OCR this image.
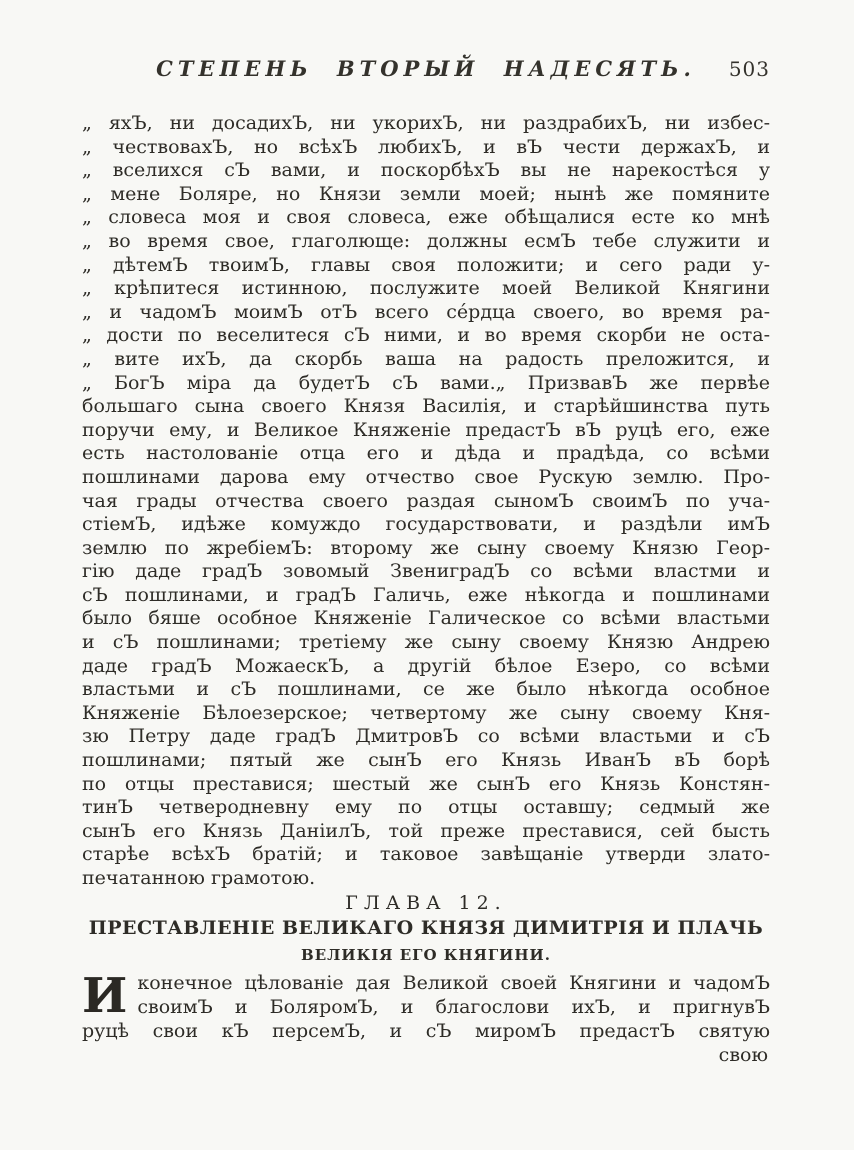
СТЕПЕНЬ ВТОРЫЙ НАДЕСЯТЬ.	503
„ яхЪ, ни досадихЪ, ни укорихЪ, ни раздрабихЪ, ни избес-
„ чествовахЪ, но всѣхЪ любихЪ, и вЪ чести держахЪ, и
„ вселихся сЪ вами, и поскорбѣхЪ вы не нарекостѣся у
„ мене Боляре, но Князи земли моей; нынѣ же помяните
„ словеса моя и своя словеса, еже обѣщалися есте ко мнѣ
„ во время свое, глаголюще: должны есмЪ тебе служити и
„ дѣтемЪ твоимЪ, главы своя положити; и сего ради у-
„ крѣпитеся истинною, послужите моей Великой Княгини
„ и чадомЪ моимЪ отЪ всего се́рдца своего, во время ра-
„ дости по веселитеся сЪ ними, и во время скорби не оста-
„ вите ихЪ, да скорбь ваша на радость преложится, и
„ БогЪ міра да будетЪ сЪ вами.„ ПризвавЪ же первѣе
большаго сына своего Князя Василія, и старѣйшинства путь
поручи ему, и Великое Княженіе предастЪ вЪ руцѣ его, еже
есть настолованіе отца его и дѣда и прадѣда, со всѣми
пошлинами дарова ему отчество свое Рускую землю. Про-
чая грады отчества своего раздая сыномЪ своимЪ по уча-
стіемЪ, идѣже комуждо государствовати, и раздѣли имЪ
землю по жребіемЪ: второму же сыну своему Князю Геор-
гію даде градЪ зовомый ЗвениградЪ со всѣми властми и
сЪ пошлинами, и градЪ Галичь, еже нѣкогда и пошлинами
было бяше особное Княженіе Галическое со всѣми властьми
и сЪ пошлинами; третіему же сыну своему Князю Андрею
даде градЪ МожаескЪ, а другій бѣлое Езеро, со всѣми
властьми и сЪ пошлинами, се же было нѣкогда особное
Княженіе Бѣлоезерское; четвертому же сыну своему Кня-
зю Петру даде градЪ ДмитровЪ со всѣми властьми и сЪ
пошлинами; пятый же сынЪ его Князь ИванЪ вЪ борѣ
по отцы преставися; шестый же сынЪ его Князь Констян-
тинЪ четверодневну ему по отцы оставшу; седмый же
сынЪ его Князь ДаніилЪ, той преже преставися, сей бысть
старѣе всѣхЪ братій; и таковое завѣщаніе утверди злато-
печатанною грамотою.
ГЛАВА 12.
ПРЕСТАВЛЕНІЕ ВЕЛИКАГО КНЯЗЯ ДИМИТРІЯ И ПЛАЧЬ
ВЕЛИКІЯ ЕГО КНЯГИНИ.
И конечное цѣлованіе дая Великой своей Княгини и чадомЪ
своимЪ и БоляромЪ, и благослови ихЪ, и пригнувЪ
руцѣ свои кЪ персемЪ, и сЪ миромЪ предастЪ святую
свою
